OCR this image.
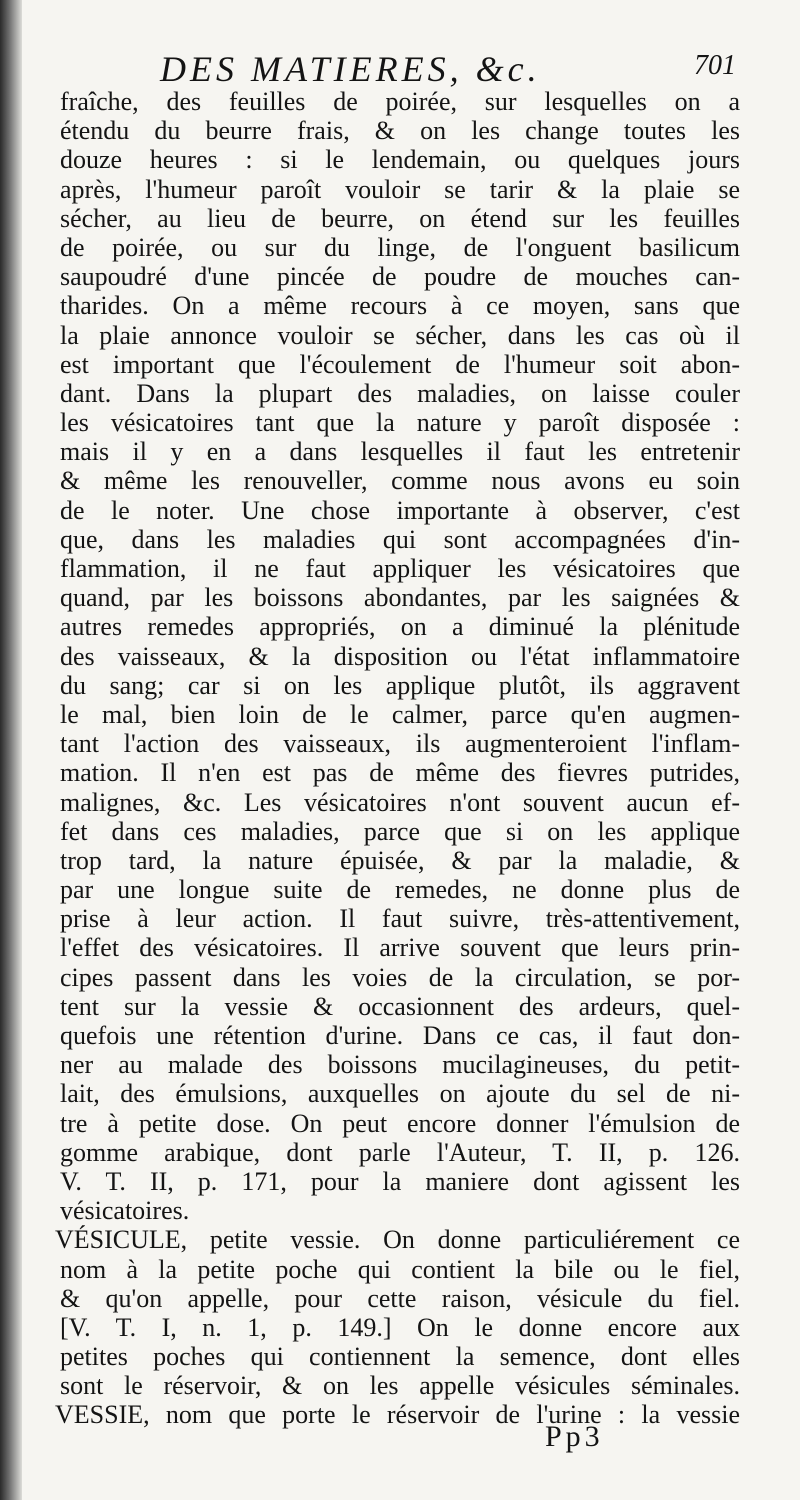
DES MATIERES, &c.	701
fraîche, des feuilles de poirée, sur lesquelles on a
étendu du beurre frais, & on les change toutes les
douze heures : si le lendemain, ou quelques jours
après, l'humeur paroît vouloir se tarir & la plaie se
sécher, au lieu de beurre, on étend sur les feuilles
de poirée, ou sur du linge, de l'onguent basilicum
saupoudré d'une pincée de poudre de mouches can-
tharides. On a même recours à ce moyen, sans que
la plaie annonce vouloir se sécher, dans les cas où il
est important que l'écoulement de l'humeur soit abon-
dant. Dans la plupart des maladies, on laisse couler
les vésicatoires tant que la nature y paroît disposée :
mais il y en a dans lesquelles il faut les entretenir
& même les renouveller, comme nous avons eu soin
de le noter. Une chose importante à observer, c'est
que, dans les maladies qui sont accompagnées d'in-
flammation, il ne faut appliquer les vésicatoires que
quand, par les boissons abondantes, par les saignées &
autres remedes appropriés, on a diminué la plénitude
des vaisseaux, & la disposition ou l'état inflammatoire
du sang; car si on les applique plutôt, ils aggravent
le mal, bien loin de le calmer, parce qu'en augmen-
tant l'action des vaisseaux, ils augmenteroient l'inflam-
mation. Il n'en est pas de même des fievres putrides,
malignes, &c. Les vésicatoires n'ont souvent aucun ef-
fet dans ces maladies, parce que si on les applique
trop tard, la nature épuisée, & par la maladie, &
par une longue suite de remedes, ne donne plus de
prise à leur action. Il faut suivre, très-attentivement,
l'effet des vésicatoires. Il arrive souvent que leurs prin-
cipes passent dans les voies de la circulation, se por-
tent sur la vessie & occasionnent des ardeurs, quel-
quefois une rétention d'urine. Dans ce cas, il faut don-
ner au malade des boissons mucilagineuses, du petit-
lait, des émulsions, auxquelles on ajoute du sel de ni-
tre à petite dose. On peut encore donner l'émulsion de
gomme arabique, dont parle l'Auteur, T. II, p. 126.
V. T. II, p. 171, pour la maniere dont agissent les
vésicatoires.
VÉSICULE, petite vessie. On donne particuliérement ce
nom à la petite poche qui contient la bile ou le fiel,
& qu'on appelle, pour cette raison, vésicule du fiel.
[V. T. I, n. 1, p. 149.] On le donne encore aux
petites poches qui contiennent la semence, dont elles
sont le réservoir, & on les appelle vésicules séminales.
VESSIE, nom que porte le réservoir de l'urine : la vessie
Pp3
